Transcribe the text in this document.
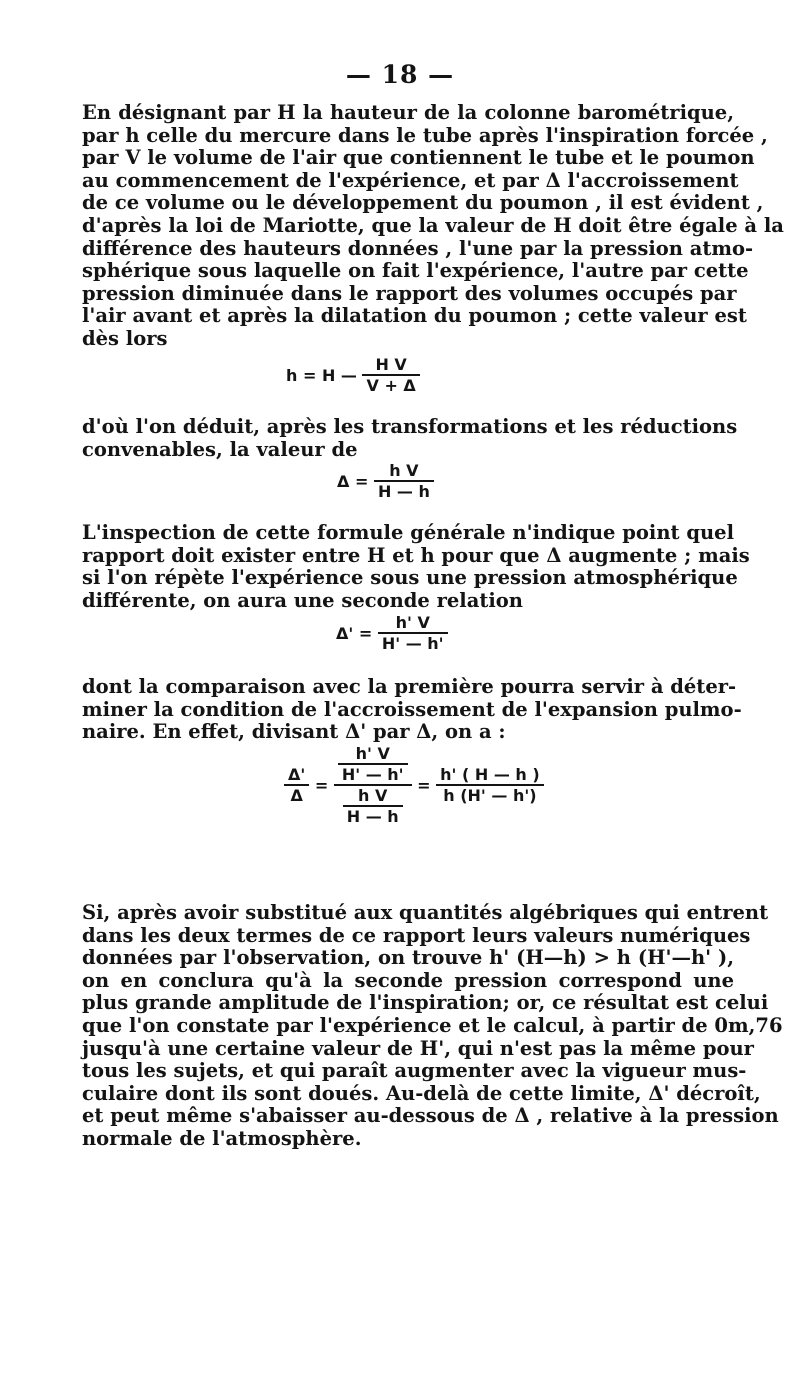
— 18 —
En désignant par H la hauteur de la colonne barométrique,
par h celle du mercure dans le tube après l'inspiration forcée ,
par V le volume de l'air que contiennent le tube et le poumon
au commencement de l'expérience, et par Δ l'accroissement
de ce volume ou le développement du poumon , il est évident ,
d'après la loi de Mariotte, que la valeur de H doit être égale à la
différence des hauteurs données , l'une par la pression atmo-
sphérique sous laquelle on fait l'expérience, l'autre par cette
pression diminuée dans le rapport des volumes occupés par
l'air avant et après la dilatation du poumon ; cette valeur est
dès lors
h = H — $\frac{\text{H V}}{V + \Delta}$
d'où l'on déduit, après les transformations et les réductions
convenables, la valeur de
$\Delta = \frac{\text{h V}}{H — h}$
L'inspection de cette formule générale n'indique point quel
rapport doit exister entre H et h pour que Δ augmente ; mais
si l'on répète l'expérience sous une pression atmosphérique
différente, on aura une seconde relation
$\Delta' = \frac{h' V}{H' — h'}$
dont la comparaison avec la première pourra servir à déter-
miner la condition de l'accroissement de l'expansion pulmo-
naire. En effet, divisant Δ' par Δ, on a :
$\frac{\Delta'}{\Delta} = \frac{\frac{h' V}{H' — h'}}{\frac{\text{h V}}{H — h}} = \frac{h' ( H — h )}{h (H' — h')}$
Si, après avoir substitué aux quantités algébriques qui entrent
dans les deux termes de ce rapport leurs valeurs numériques
données par l'observation, on trouve h' (H—h) > h (H'—h' ),
on en conclura qu'à la seconde pression correspond une
plus grande amplitude de l'inspiration; or, ce résultat est celui
que l'on constate par l'expérience et le calcul, à partir de 0m,76
jusqu'à une certaine valeur de H', qui n'est pas la même pour
tous les sujets, et qui paraît augmenter avec la vigueur mus-
culaire dont ils sont doués. Au-delà de cette limite, Δ' décroît,
et peut même s'abaisser au-dessous de Δ , relative à la pression
normale de l'atmosphère.
